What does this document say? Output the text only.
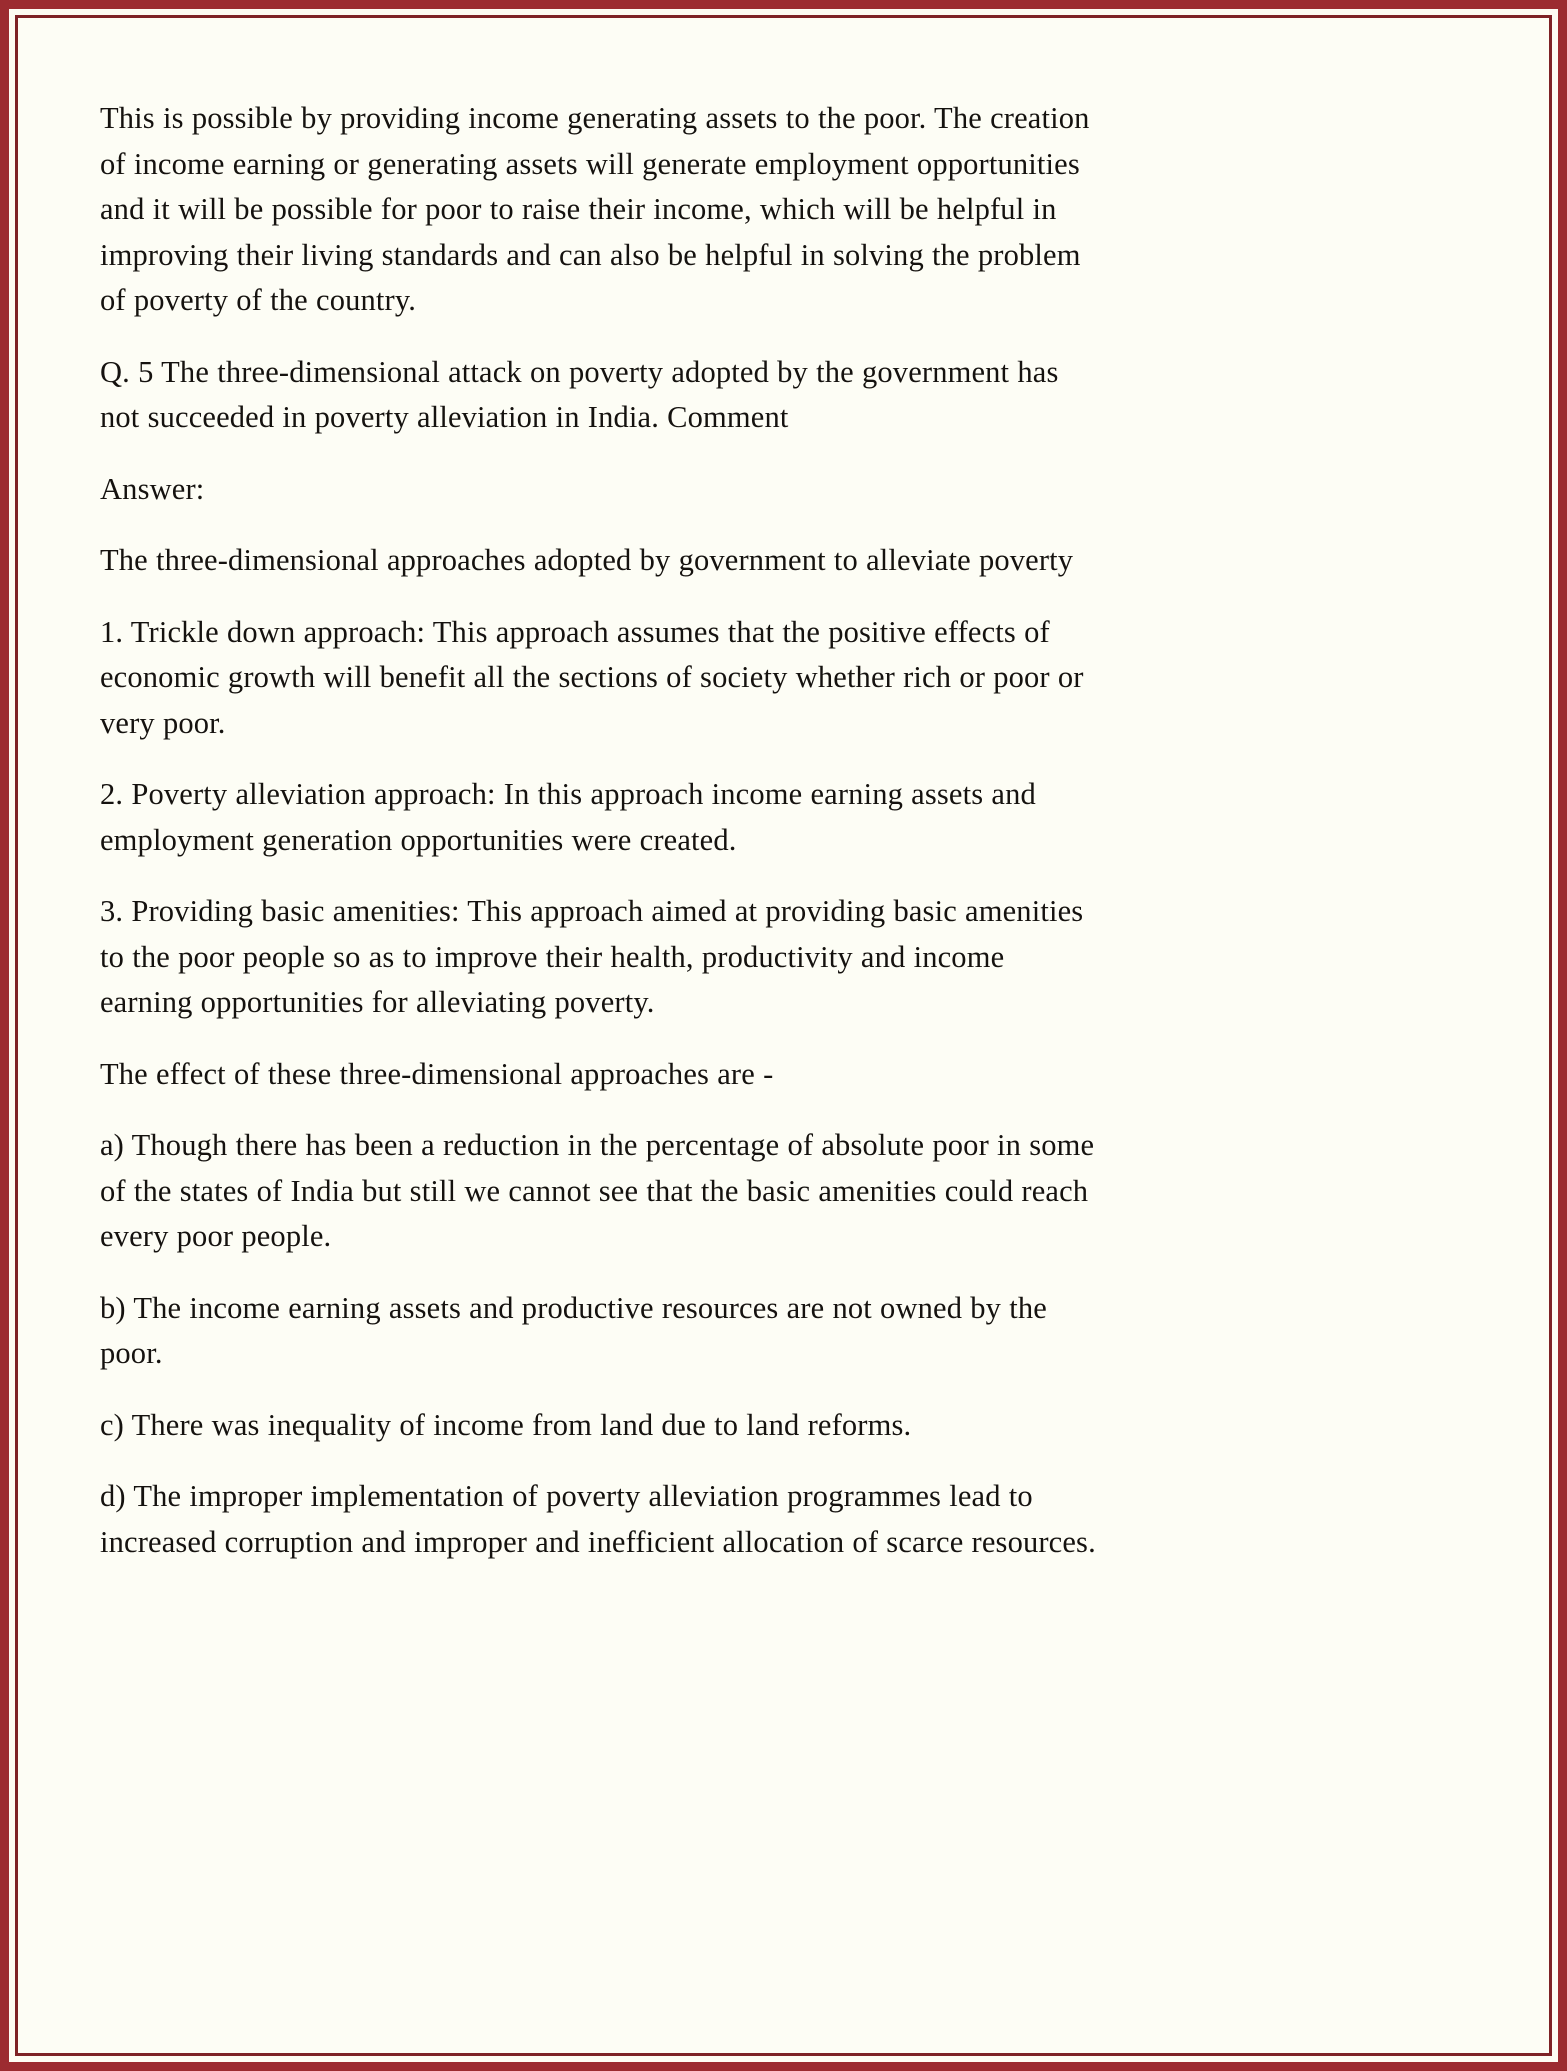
This is possible by providing income generating assets to the poor. The creation of income earning or generating assets will generate employment opportunities and it will be possible for poor to raise their income, which will be helpful in improving their living standards and can also be helpful in solving the problem of poverty of the country.

Q. 5 The three-dimensional attack on poverty adopted by the government has not succeeded in poverty alleviation in India. Comment

Answer:

The three-dimensional approaches adopted by government to alleviate poverty

1. Trickle down approach: This approach assumes that the positive effects of economic growth will benefit all the sections of society whether rich or poor or very poor.

2. Poverty alleviation approach: In this approach income earning assets and employment generation opportunities were created.

3. Providing basic amenities: This approach aimed at providing basic amenities to the poor people so as to improve their health, productivity and income earning opportunities for alleviating poverty.

The effect of these three-dimensional approaches are -

a) Though there has been a reduction in the percentage of absolute poor in some of the states of India but still we cannot see that the basic amenities could reach every poor people.

b) The income earning assets and productive resources are not owned by the poor.

c) There was inequality of income from land due to land reforms.

d) The improper implementation of poverty alleviation programmes lead to increased corruption and improper and inefficient allocation of scarce resources.
